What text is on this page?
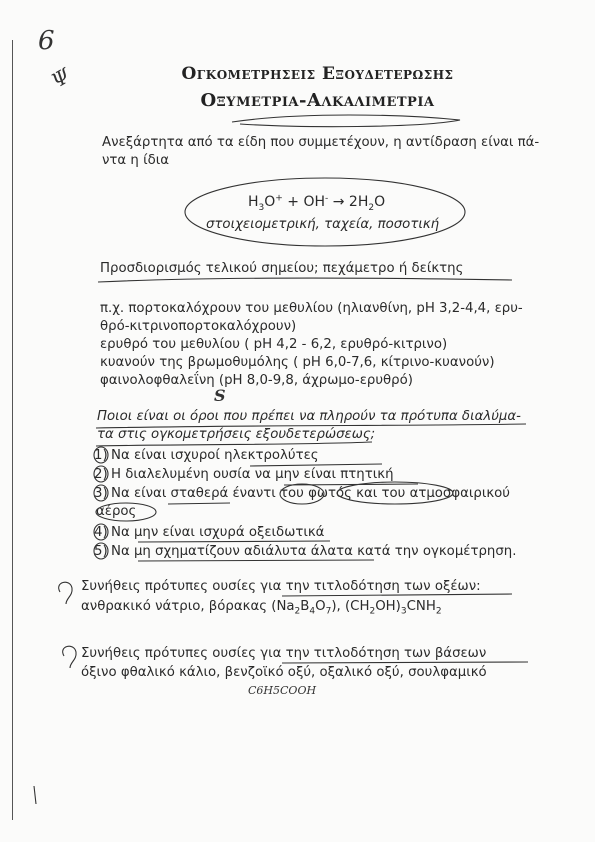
6
Ψ	Ογκομετρησεις Εξουδετερωσης
Οξυμετρια-Αλκαλιμετρια
Ανεξάρτητα από τα είδη που συμμετέχουν, η αντίδραση είναι πά-
ντα η ίδια
$H_3O^+ + OH^- \to 2H_2O$
στοιχειομετρική, ταχεία, ποσοτική
Προσδιορισμός τελικού σημείου; πεχάμετρο ή δείκτης
π.χ. πορτοκαλόχρουν του μεθυλίου (ηλιανθίνη, pH 3,2-4,4, ερυ-
θρό-κιτρινοπορτοκαλόχρουν)
ερυθρό του μεθυλίου ( pH 4,2 - 6,2, ερυθρό-κιτρινο)
κυανούν της βρωμοθυμόλης ( pH 6,0-7,6, κίτρινο-κυανούν)
φαινολοφθαλεΐνη (pH 8,0-9,8, άχρωμο-ερυθρό)
S
Ποιοι είναι οι όροι που πρέπει να πληρούν τα πρότυπα διαλύμα-
τα στις ογκομετρήσεις εξουδετερώσεως;
1) Να είναι ισχυροί ηλεκτρολύτες
2) Η διαλελυμένη ουσία να μην είναι πτητική
3) Να είναι σταθερά έναντι του φωτός και του ατμοσφαιρικού
αέρος
4) Να μην είναι ισχυρά οξειδωτικά
5) Να μη σχηματίζουν αδιάλυτα άλατα κατά την ογκομέτρηση.
Συνήθεις πρότυπες ουσίες για την τιτλοδότηση των οξέων:
ανθρακικό νάτριο, βόρακας $(Na_2B_4O_7)$, $(CH_2OH)_3CNH_2$
Συνήθεις πρότυπες ουσίες για την τιτλοδότηση των βάσεων
όξινο φθαλικό κάλιο, βενζοϊκό οξύ, οξαλικό οξύ, σουλφαμικό
C6H5COOH
